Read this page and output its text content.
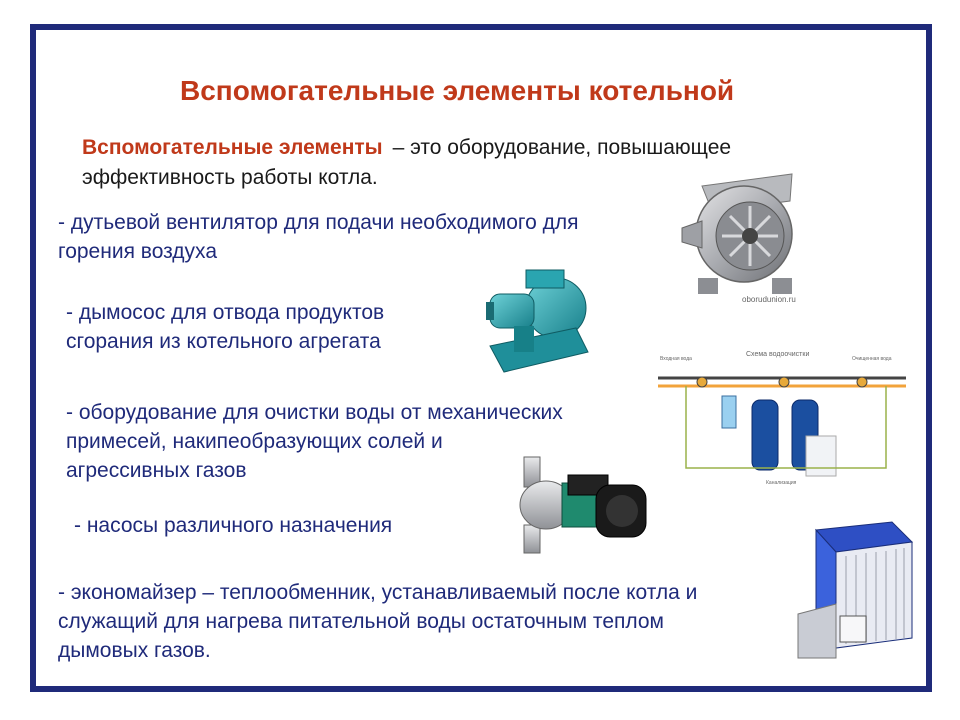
Вспомогательные элементы котельной
Вспомогательные элементы – это оборудование, повышающее
эффективность работы котла.
- дутьевой вентилятор для подачи необходимого для
горения воздуха
- дымосос для отвода продуктов
сгорания из котельного агрегата
- оборудование для очистки воды от механических
примесей, накипеобразующих солей и
агрессивных газов
- насосы различного назначения
- экономайзер – теплообменник, устанавливаемый после котла и
служащий для нагрева питательной воды остаточным теплом
дымовых газов.
oborudunion.ru
Схема водоочистки
Входная вода	Очищенная вода
Канализация
